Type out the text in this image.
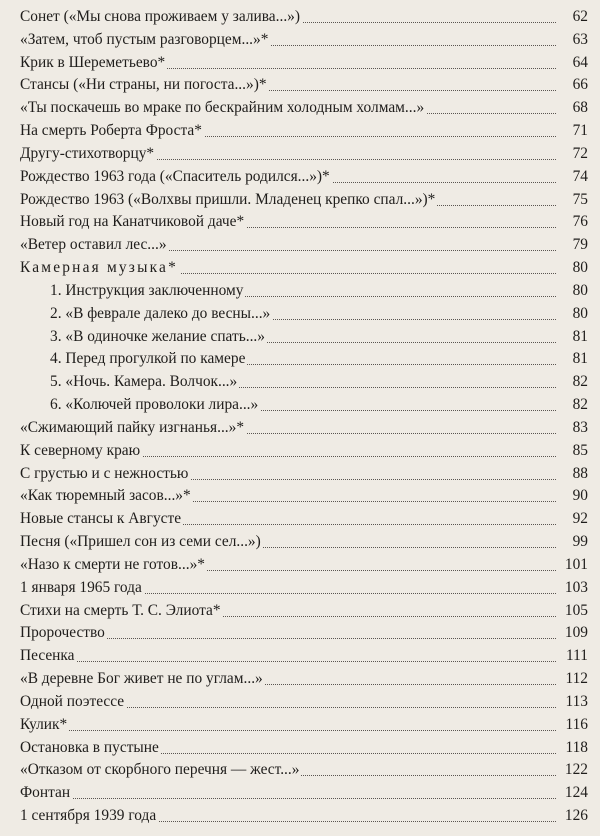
Сонет («Мы снова проживаем у залива...»)	62
«Затем, чтоб пустым разговорцем...»*	63
Крик в Шереметьево*	64
Стансы («Ни страны, ни погоста...»)*	66
«Ты поскачешь во мраке по бескрайним холодным холмам...»	68
На смерть Роберта Фроста*	71
Другу-стихотворцу*	72
Рождество 1963 года («Спаситель родился...»)*	74
Рождество 1963 («Волхвы пришли. Младенец крепко спал...»)*	75
Новый год на Канатчиковой даче*	76
«Ветер оставил лес...»	79
Камерная музыка*	80
1. Инструкция заключенному	80
2. «В феврале далеко до весны...»	80
3. «В одиночке желание спать...»	81
4. Перед прогулкой по камере	81
5. «Ночь. Камера. Волчок...»	82
6. «Колючей проволоки лира...»	82
«Сжимающий пайку изгнанья...»*	83
К северному краю	85
С грустью и с нежностью	88
«Как тюремный засов...»*	90
Новые стансы к Августе	92
Песня («Пришел сон из семи сел...»)	99
«Назо к смерти не готов...»*	101
1 января 1965 года	103
Стихи на смерть Т. С. Элиота*	105
Пророчество	109
Песенка	111
«В деревне Бог живет не по углам...»	112
Одной поэтессе	113
Кулик*	116
Остановка в пустыне	118
«Отказом от скорбного перечня — жест...»	122
Фонтан	124
1 сентября 1939 года	126
